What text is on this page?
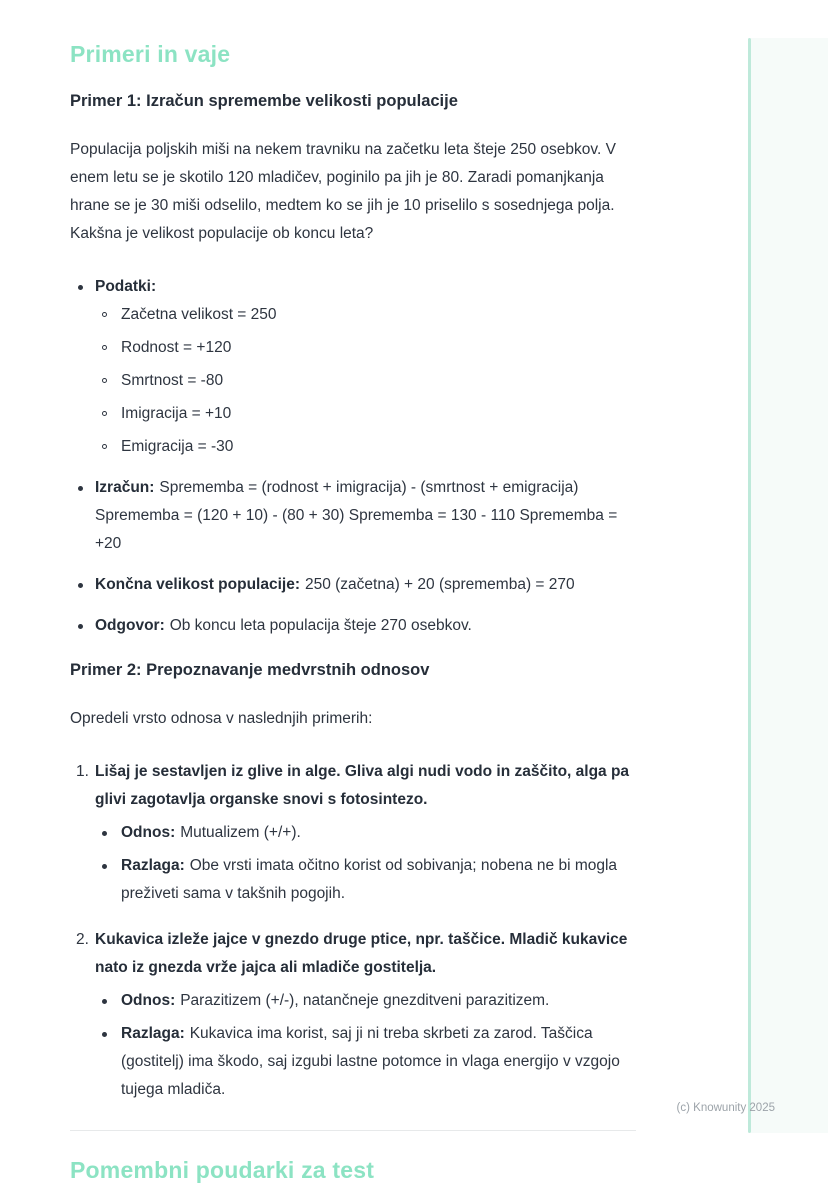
Primeri in vaje
Primer 1: Izračun spremembe velikosti populacije

Populacija poljskih miši na nekem travniku na začetku leta šteje 250 osebkov. V enem letu se je skotilo 120 mladičev, poginilo pa jih je 80. Zaradi pomanjkanja hrane se je 30 miši odselilo, medtem ko se jih je 10 priselilo s sosednjega polja. Kakšna je velikost populacije ob koncu leta?

Podatki:
Začetna velikost = 250
Rodnost = +120
Smrtnost = -80
Imigracija = +10
Emigracija = -30
Izračun: Sprememba = (rodnost + imigracija) - (smrtnost + emigracija) Sprememba = (120 + 10) - (80 + 30) Sprememba = 130 - 110 Sprememba = +20
Končna velikost populacije: 250 (začetna) + 20 (sprememba) = 270
Odgovor: Ob koncu leta populacija šteje 270 osebkov.
Primer 2: Prepoznavanje medvrstnih odnosov

Opredeli vrsto odnosa v naslednjih primerih:

1. Lišaj je sestavljen iz glive in alge. Gliva algi nudi vodo in zaščito, alga pa glivi zagotavlja organske snovi s fotosintezo.
Odnos: Mutualizem (+/+).
Razlaga: Obe vrsti imata očitno korist od sobivanja; nobena ne bi mogla preživeti sama v takšnih pogojih.
2. Kukavica izleže jajce v gnezdo druge ptice, npr. taščice. Mladič kukavice nato iz gnezda vrže jajca ali mladiče gostitelja.
Odnos: Parazitizem (+/-), natančneje gnezditveni parazitizem.
Razlaga: Kukavica ima korist, saj ji ni treba skrbeti za zarod. Taščica (gostitelj) ima škodo, saj izgubi lastne potomce in vlaga energijo v vzgojo tujega mladiča.
Pomembni poudarki za test
(c) Knowunity 2025
